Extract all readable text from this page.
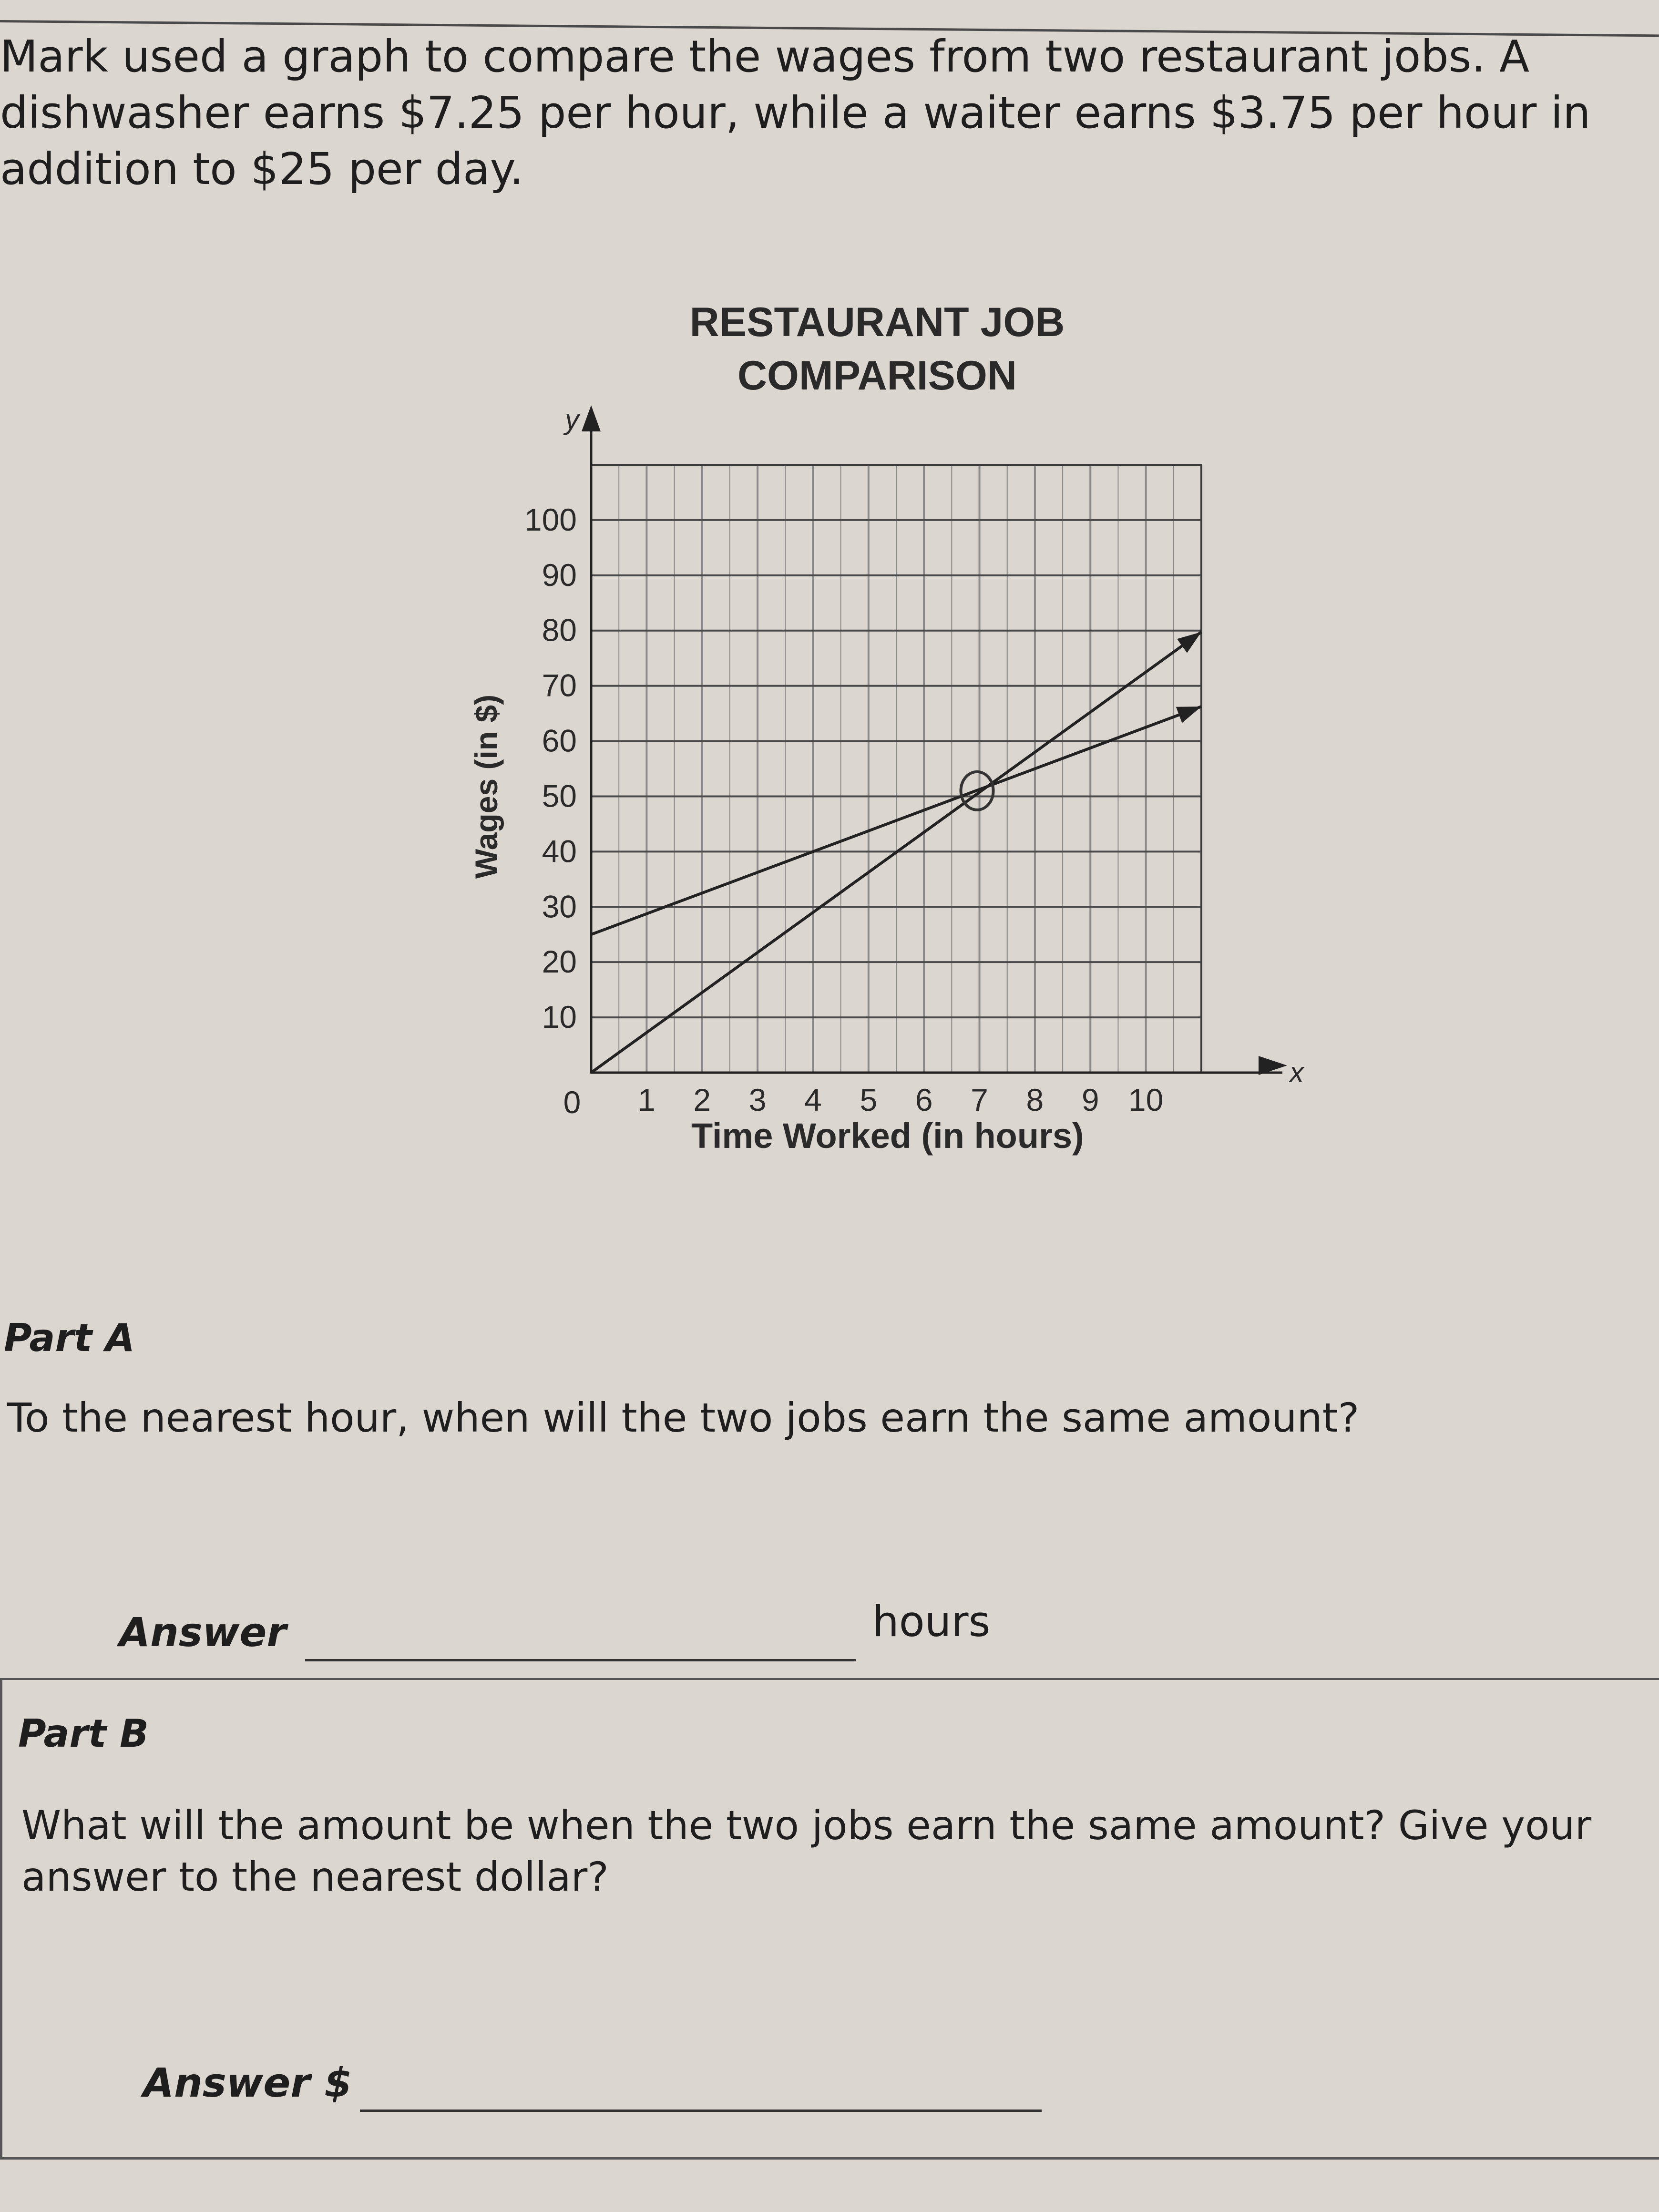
Mark used a graph to compare the wages from two restaurant jobs. A
dishwasher earns $7.25 per hour, while a waiter earns $3.75 per hour in
addition to $25 per day.
RESTAURANT JOB
COMPARISON
Wages (in $)
y
x
10
20
30
40
50
60
70
80
90
100
1 2 3 4 5 6 7 8 9 10
0
Time Worked (in hours)
Part A
To the nearest hour, when will the two jobs earn the same amount?
Answer	hours
Part B
What will the amount be when the two jobs earn the same amount? Give your
answer to the nearest dollar?
Answer $
